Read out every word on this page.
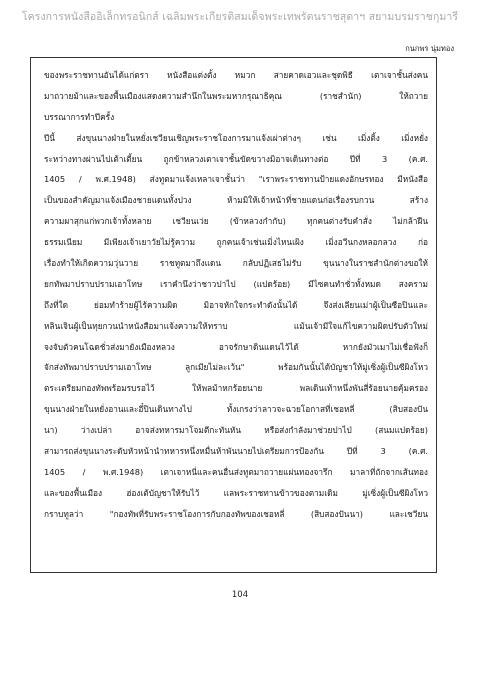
โครงการหนังสืออิเล็กทรอนิกส์ เฉลิมพระเกียรติสมเด็จพระเทพรัตนราชสุดาฯ สยามบรมราชกุมารี
กนกพร นุ่มทอง
ของพระราชทานอันได้แก่ตรา หนังสือแต่งตั้ง หมวก สายคาดเอวและชุดพิธี เตาเจาชั้นส่งคน
มาถวายม้าและของพื้นเมืองแสดงความสำนึกในพระมหากรุณาธิคุณ (ราชสำนัก) ให้ถวาย
บรรณาการทำปีครั้ง
ปีนี้ ส่งขุนนางฝ่ายในหยั่งเชวียนเชิญพระราชโองการมาแจ้งเผ่าต่างๆ เช่น เมิ่งติ้ง เมิ่งหยั่ง
ระหว่างทางผ่านไปเต้าเตี้ยน ถูกข้าหลวงเตาเจาชั้นขัดขวางมิอาจเดินทางต่อ ปีที่ 3 (ค.ศ.
1405 / พ.ศ.1948) ส่งทูตมาแจ้งเหลาเจาชั้นว่า "เราพระราชทานป้ายแดงอักษรทอง มีหนังสือ
เป็นของสำคัญมาแจ้งเมืองชายแดนทั้งปวง ห้ามมิให้เจ้าหน้าที่ชายแดนก่อเรื่องรบกวน สร้าง
ความผาสุกแก่พวกเจ้าทั้งหลาย เชวียนเว่ย (ข้าหลวงกำกับ) ทุกคนต่างรับคำสั่ง ไม่กล้าฝืน
ธรรมเนียม มีเพียงเจ้าเยาวัยไม่รู้ความ ถูกคนเจ้าเช่นเมิ่งไหนเผิง เมิ่งอวีนกงหลอกลวง ก่อ
เรื่องทำให้เกิดความวุ่นวาย ราชทูตมาถึงแดน กลับปฏิเสธไม่รับ ขุนนางในราชสำนักต่างขอให้
ยกทัพมาปราบปรามเอาโทษ เราคำนึงว่าชาวปาไป (แปดร้อย) มีไซคนทำชั่วทั้งหมด สงคราม
ถึงที่ใด ย่อมทำร้ายผู้ไร้ความผิด มิอาจหักใจกระทำดังนั้นได้ จึงส่งเลียนเม่าผู้เป็นซือปินและ
หลินเจินผู้เป็นทุยกวนนำหนังสือมาแจ้งความให้ทราบ แม้นเจ้ามีใจแก้ไขความผิดปรับตัวใหม่
จงจับตัวคนโฉดชั่วส่งมายังเมืองหลวง อาจรักษาดินแดนไว้ได้ หากยังมัวเมาไม่เชื่อฟังก็
จักส่งทัพมาปราบปรามเอาโทษ ลูกเมียไม่ละเว้น" พร้อมกันนั้นได้บัญชาให้มู่เซิ่งผู้เป็นซีผิงโหว
ตระเตรียมกองทัพพร้อมรบรอไว้ ให้พลม้าหกร้อยนาย พลเดินเท้าหนึ่งพันสี่ร้อยนายคุ้มครอง
ขุนนางฝ่ายในหยั่งอานและอี๋ปินเดินทางไป ทั้งเกรงว่าลาวจะฉวยโอกาสที่เชอหลี่ (สิบสองปัน
นา) ว่างเปล่า อาจส่งทหารมาโจมตีกะทันหัน หรือส่งกำลังมาช่วยปาไป่ (สนมแปดร้อย)
สามารถส่งขุนนางระดับหัวหน้านำทหารหนึ่งหมื่นห้าพันนายไปเตรียมการป้องกัน ปีที่ 3 (ค.ศ.
1405 / พ.ศ.1948) เตาเจาหนี่และคนอื่นส่งทูตมาถวายแผ่นทองจารึก มาลาที่ถักจากเส้นทอง
และของพื้นเมือง ฮ่องเต้บัญชาให้รับไว้ แลพระราชทานข้าวของตามเดิม มู่เซิ่งผู้เป็นซีผิงโหว
กราบทูลว่า "กองทัพที่รับพระราชโองการกับกองทัพของเชอหลี่ (สิบสองปันนา) และเชวียน
104
